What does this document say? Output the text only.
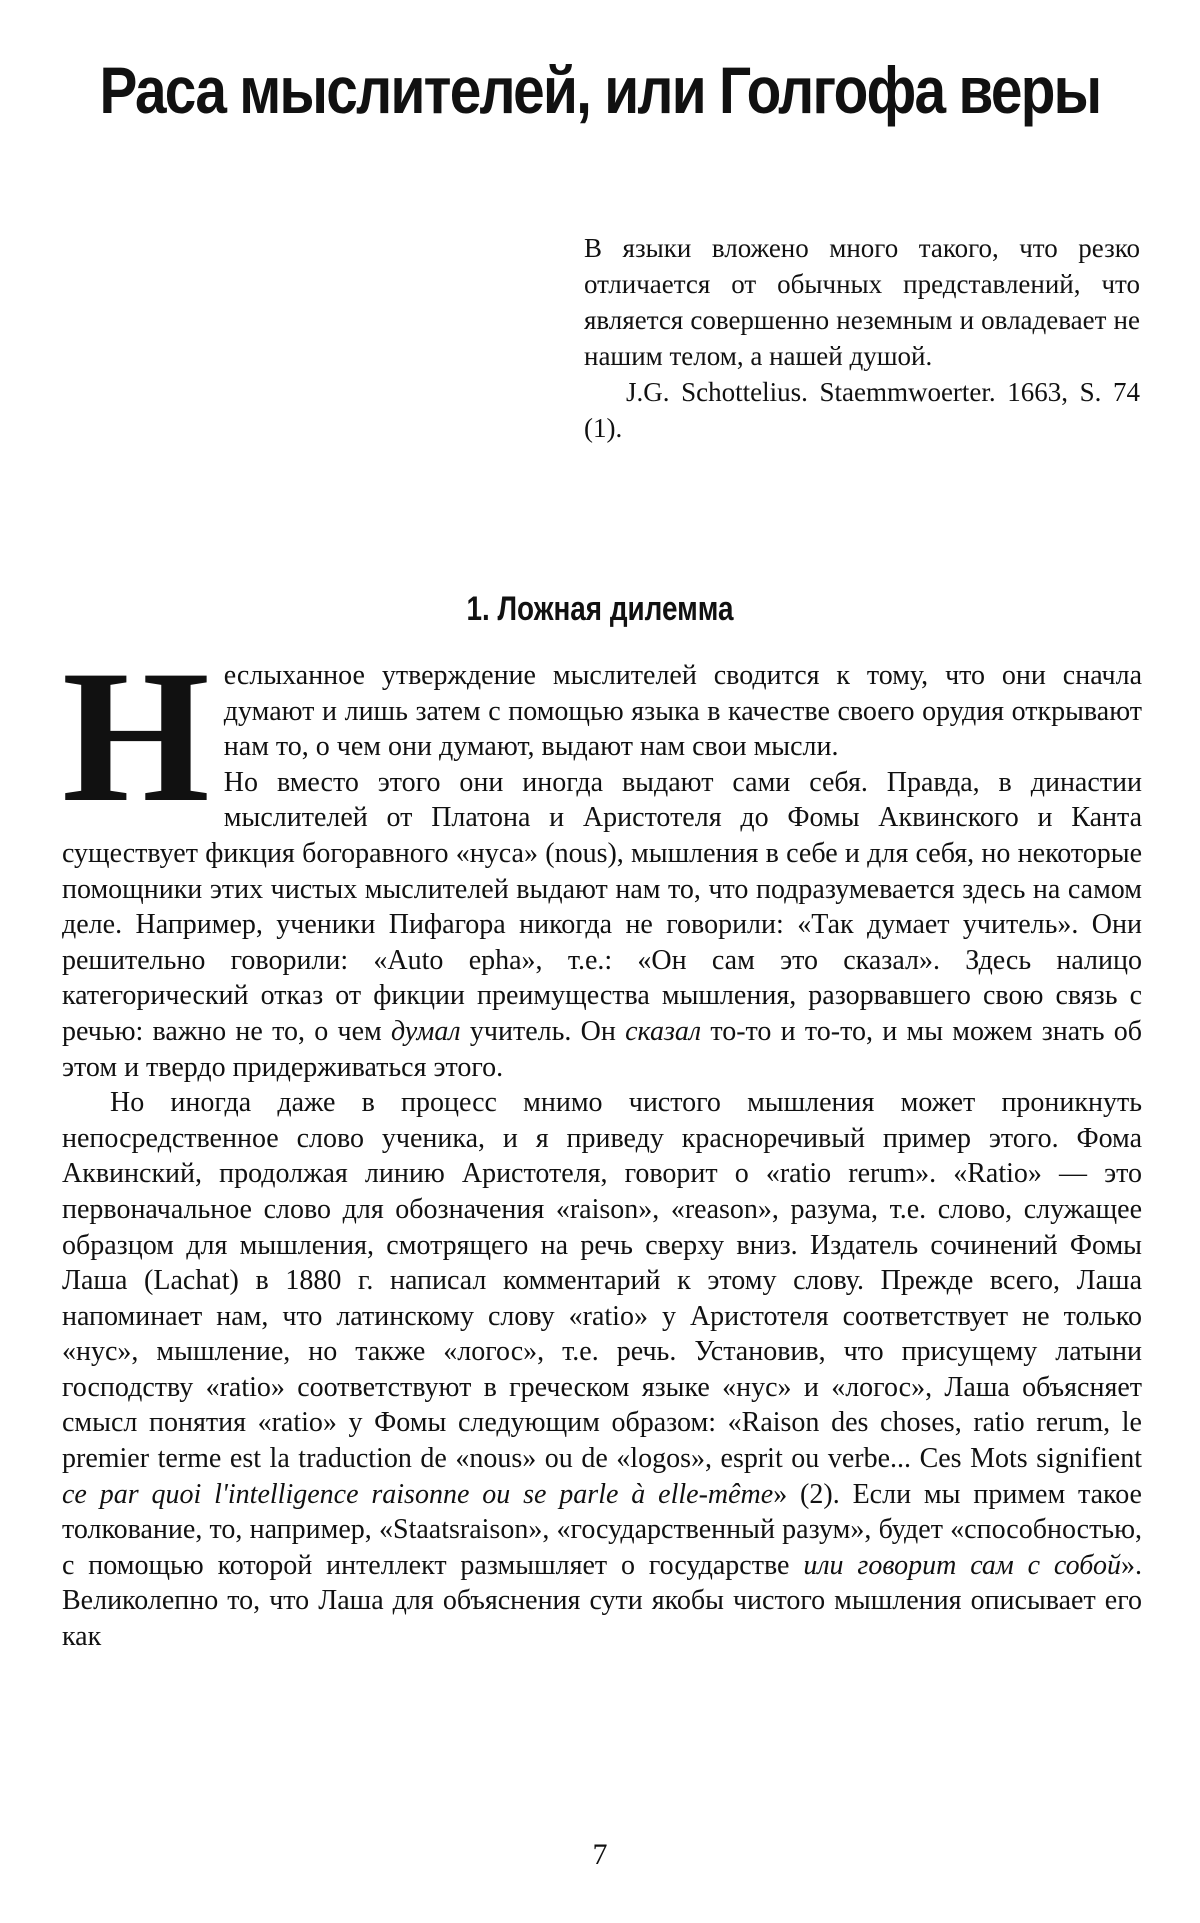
Раса мыслителей, или Голгофа веры

В языки вложено много такого, что резко отличается от обычных представлений, что является совершенно неземным и овладевает не нашим телом, а нашей душой.

J.G. Schottelius. Staemmwoerter. 1663, S. 74 (1).

1. Ложная дилемма

Неслыханное утверждение мыслителей сводится к тому, что они сначла думают и лишь затем с помощью языка в качестве своего орудия открывают нам то, о чем они думают, выдают нам свои мысли.

Но вместо этого они иногда выдают сами себя. Правда, в династии мыслителей от Платона и Аристотеля до Фомы Аквинского и Канта существует фикция богоравного «нуса» (nous), мышления в себе и для себя, но некоторые помощники этих чистых мыслителей выдают нам то, что подразумевается здесь на самом деле. Например, ученики Пифагора никогда не говорили: «Так думает учитель». Они решительно говорили: «Auto epha», т.е.: «Он сам это сказал». Здесь налицо категорический отказ от фикции преимущества мышления, разорвавшего свою связь с речью: важно не то, о чем думал учитель. Он сказал то-то и то-то, и мы можем знать об этом и твердо придерживаться этого.

Но иногда даже в процесс мнимо чистого мышления может проникнуть непосредственное слово ученика, и я приведу красноречивый пример этого. Фома Аквинский, продолжая линию Аристотеля, говорит о «ratio rerum». «Ratio» — это первоначальное слово для обозначения «raison», «reason», разума, т.е. слово, служащее образцом для мышления, смотрящего на речь сверху вниз. Издатель сочинений Фомы Лаша (Lachat) в 1880 г. написал комментарий к этому слову. Прежде всего, Лаша напоминает нам, что латинскому слову «ratio» у Аристотеля соответствует не только «нус», мышление, но также «логос», т.е. речь. Установив, что присущему латыни господству «ratio» соответствуют в греческом языке «нус» и «логос», Лаша объясняет смысл понятия «ratio» у Фомы следующим образом: «Raison des choses, ratio rerum, le premier terme est la traduction de «nous» ou de «logos», esprit ou verbe... Ces Mots signifient ce par quoi l'intelligence raisonne ou se parle à elle-même» (2). Если мы примем такое толкование, то, например, «Staatsraison», «государственный разум», будет «способностью, с помощью которой интеллект размышляет о государстве или говорит сам с собой». Великолепно то, что Лаша для объяснения сути якобы чистого мышления описывает его как

7
